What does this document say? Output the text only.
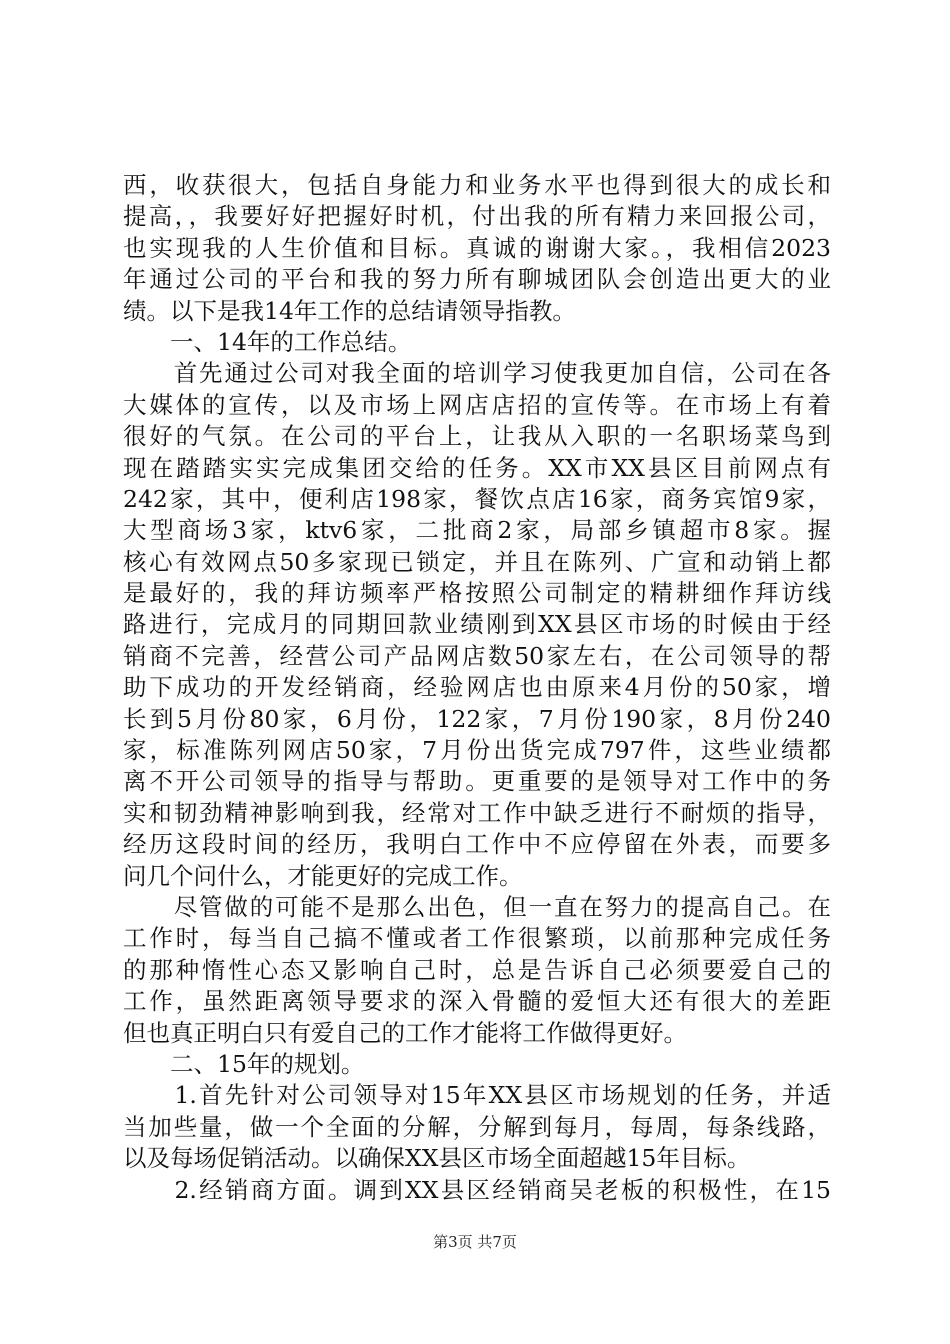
西，收获很大，包括自身能力和业务水平也得到很大的成长和
提高，，我要好好把握好时机，付出我的所有精力来回报公司，
也实现我的人生价值和目标。真诚的谢谢大家。，我相信2023
年通过公司的平台和我的努力所有聊城团队会创造出更大的业
绩。以下是我14年工作的总结请领导指教。
　　一、14年的工作总结。
　　首先通过公司对我全面的培训学习使我更加自信，公司在各
大媒体的宣传，以及市场上网店店招的宣传等。在市场上有着
很好的气氛。在公司的平台上，让我从入职的一名职场菜鸟到
现在踏踏实实完成集团交给的任务。XX市XX县区目前网点有
242家，其中，便利店198家，餐饮点店16家，商务宾馆9家，
大型商场3家，ktv6家，二批商2家，局部乡镇超市8家。握
核心有效网点50多家现已锁定，并且在陈列、广宣和动销上都
是最好的，我的拜访频率严格按照公司制定的精耕细作拜访线
路进行，完成月的同期回款业绩刚到XX县区市场的时候由于经
销商不完善，经营公司产品网店数50家左右，在公司领导的帮
助下成功的开发经销商，经验网店也由原来4月份的50家，增
长到5月份80家，6月份，122家，7月份190家，8月份240
家，标准陈列网店50家，7月份出货完成797件，这些业绩都
离不开公司领导的指导与帮助。更重要的是领导对工作中的务
实和韧劲精神影响到我，经常对工作中缺乏进行不耐烦的指导，
经历这段时间的经历，我明白工作中不应停留在外表，而要多
问几个问什么，才能更好的完成工作。
　　尽管做的可能不是那么出色，但一直在努力的提高自己。在
工作时，每当自己搞不懂或者工作很繁琐，以前那种完成任务
的那种惰性心态又影响自己时，总是告诉自己必须要爱自己的
工作，虽然距离领导要求的深入骨髓的爱恒大还有很大的差距
但也真正明白只有爱自己的工作才能将工作做得更好。
　　二、15年的规划。
　　1.首先针对公司领导对15年XX县区市场规划的任务，并适
当加些量，做一个全面的分解，分解到每月，每周，每条线路，
以及每场促销活动。以确保XX县区市场全面超越15年目标。
　　2.经销商方面。调到XX县区经销商吴老板的积极性，在15
第3页 共7页
